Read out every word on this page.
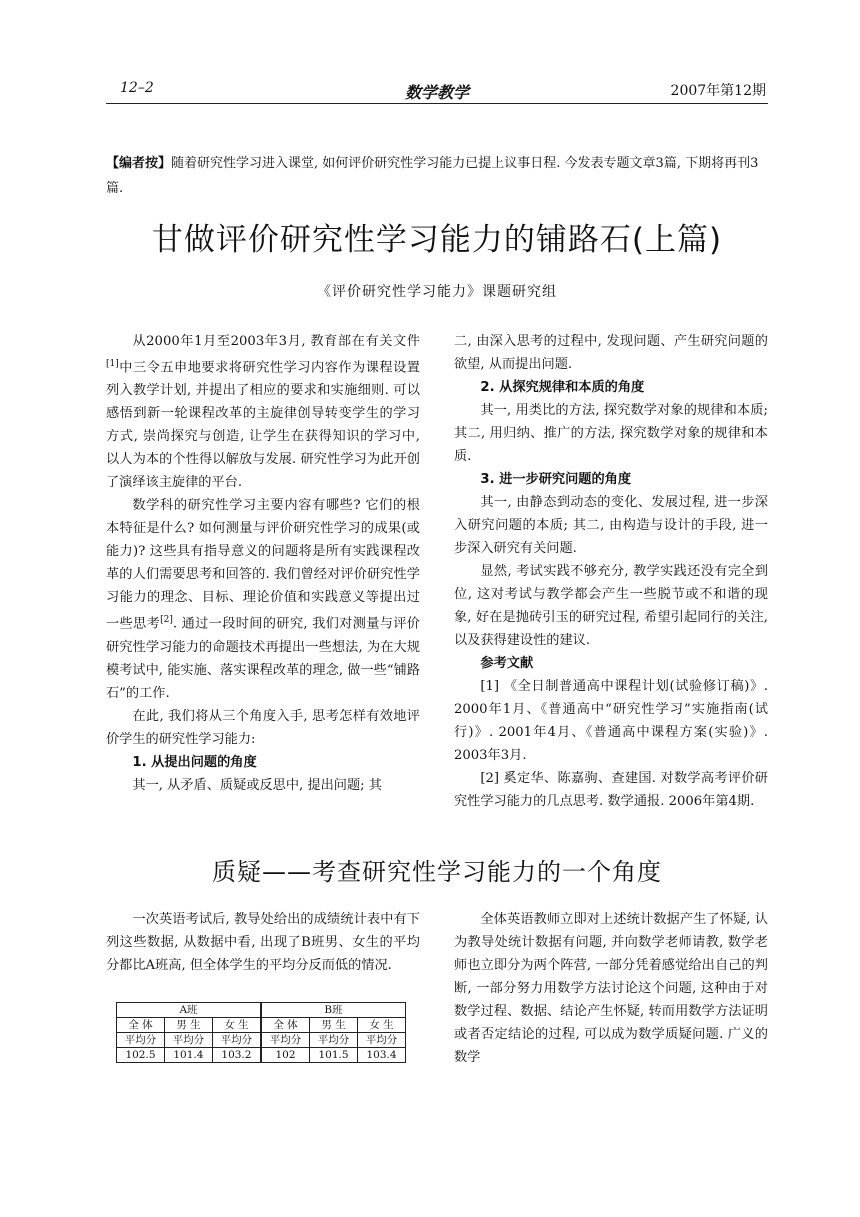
12–2	数学教学	2007年第12期
【编者按】随着研究性学习进入课堂, 如何评价研究性学习能力已提上议事日程. 今发表专题文章3篇, 下期将再刊3篇.
甘做评价研究性学习能力的铺路石(上篇)
《评价研究性学习能力》课题研究组

从2000年1月至2003年3月, 教育部在有关文件[1]中三令五申地要求将研究性学习内容作为课程设置列入教学计划, 并提出了相应的要求和实施细则. 可以感悟到新一轮课程改革的主旋律创导转变学生的学习方式, 崇尚探究与创造, 让学生在获得知识的学习中, 以人为本的个性得以解放与发展. 研究性学习为此开创了演绎该主旋律的平台.

数学科的研究性学习主要内容有哪些? 它们的根本特征是什么? 如何测量与评价研究性学习的成果(或能力)? 这些具有指导意义的问题将是所有实践课程改革的人们需要思考和回答的. 我们曾经对评价研究性学习能力的理念、目标、理论价值和实践意义等提出过一些思考[2]. 通过一段时间的研究, 我们对测量与评价研究性学习能力的命题技术再提出一些想法, 为在大规模考试中, 能实施、落实课程改革的理念, 做一些“铺路石”的工作.

在此, 我们将从三个角度入手, 思考怎样有效地评价学生的研究性学习能力:

1. 从提出问题的角度

其一, 从矛盾、质疑或反思中, 提出问题; 其

二, 由深入思考的过程中, 发现问题、产生研究问题的欲望, 从而提出问题.

2. 从探究规律和本质的角度

其一, 用类比的方法, 探究数学对象的规律和本质; 其二, 用归纳、推广的方法, 探究数学对象的规律和本质.

3. 进一步研究问题的角度

其一, 由静态到动态的变化、发展过程, 进一步深入研究问题的本质; 其二, 由构造与设计的手段, 进一步深入研究有关问题.

显然, 考试实践不够充分, 教学实践还没有完全到位, 这对考试与教学都会产生一些脱节或不和谐的现象, 好在是抛砖引玉的研究过程, 希望引起同行的关注, 以及获得建设性的建议.

参考文献

[1] 《全日制普通高中课程计划(试验修订稿)》. 2000年1月、《普通高中“研究性学习”实施指南(试行)》. 2001年4月、《普通高中课程方案(实验)》. 2003年3月.

[2] 奚定华、陈嘉驹、查建国. 对数学高考评价研究性学习能力的几点思考. 数学通报. 2006年第4期.

质疑——考查研究性学习能力的一个角度

一次英语考试后, 教导处给出的成绩统计表中有下列这些数据, 从数据中看, 出现了B班男、女生的平均分都比A班高, 但全体学生的平均分反而低的情况.

A班			B班		
全 体	男 生	女 生	全 体	男 生	女 生
平均分	平均分	平均分	平均分	平均分	平均分
102.5	101.4	103.2	102	101.5	103.4

全体英语教师立即对上述统计数据产生了怀疑, 认为教导处统计数据有问题, 并向数学老师请教, 数学老师也立即分为两个阵营, 一部分凭着感觉给出自己的判断, 一部分努力用数学方法讨论这个问题, 这种由于对数学过程、数据、结论产生怀疑, 转而用数学方法证明或者否定结论的过程, 可以成为数学质疑问题. 广义的数学
